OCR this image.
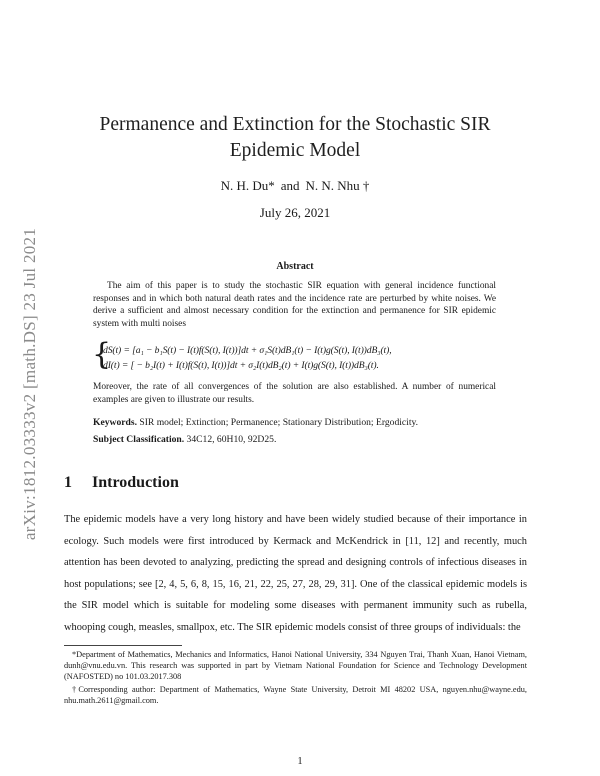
arXiv:1812.03333v2 [math.DS] 23 Jul 2021
Permanence and Extinction for the Stochastic SIR
Epidemic Model
N. H. Du* and N. N. Nhu †
July 26, 2021
Abstract
The aim of this paper is to study the stochastic SIR equation with general incidence functional responses and in which both natural death rates and the incidence rate are perturbed by white noises. We derive a sufficient and almost necessary condition for the extinction and permanence for SIR epidemic system with multi noises
{
dS(t) = [a₁ − b₁S(t) − I(t)f(S(t), I(t))]dt + σ₁S(t)dB₁(t) − I(t)g(S(t), I(t))dB₃(t),
dI(t) = [ − b₂I(t) + I(t)f(S(t), I(t))]dt + σ₂I(t)dB₂(t) + I(t)g(S(t), I(t))dB₃(t).
Moreover, the rate of all convergences of the solution are also established. A number of numerical examples are given to illustrate our results.
Keywords. SIR model; Extinction; Permanence; Stationary Distribution; Ergodicity.
Subject Classification. 34C12, 60H10, 92D25.
1 Introduction
The epidemic models have a very long history and have been widely studied because of their importance in ecology. Such models were first introduced by Kermack and McKendrick in [11, 12] and recently, much attention has been devoted to analyzing, predicting the spread and designing controls of infectious diseases in host populations; see [2, 4, 5, 6, 8, 15, 16, 21, 22, 25, 27, 28, 29, 31]. One of the classical epidemic models is the SIR model which is suitable for modeling some diseases with permanent immunity such as rubella, whooping cough, measles, smallpox, etc. The SIR epidemic models consist of three groups of individuals: the
*Department of Mathematics, Mechanics and Informatics, Hanoi National University, 334 Nguyen Trai, Thanh Xuan, Hanoi Vietnam, dunh@vnu.edu.vn. This research was supported in part by Vietnam National Foundation for Science and Technology Development (NAFOSTED) no 101.03.2017.308
†Corresponding author: Department of Mathematics, Wayne State University, Detroit MI 48202 USA, nguyen.nhu@wayne.edu, nhu.math.2611@gmail.com.
1
